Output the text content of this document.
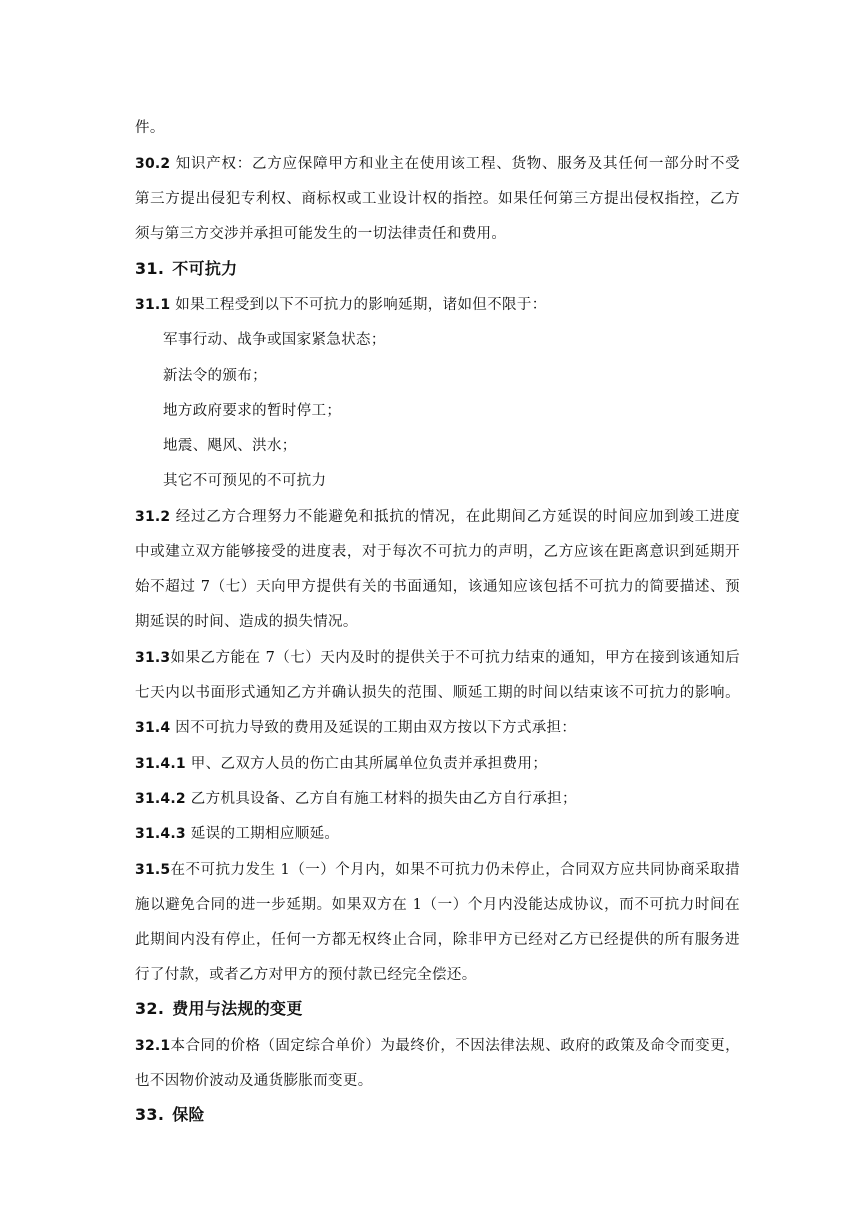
件。
30.2 知识产权：乙方应保障甲方和业主在使用该工程、货物、服务及其任何一部分时不受
第三方提出侵犯专利权、商标权或工业设计权的指控。如果任何第三方提出侵权指控，乙方
须与第三方交涉并承担可能发生的一切法律责任和费用。
31. 不可抗力
31.1 如果工程受到以下不可抗力的影响延期，诸如但不限于：
军事行动、战争或国家紧急状态；
新法令的颁布；
地方政府要求的暂时停工；
地震、飓风、洪水；
其它不可预见的不可抗力
31.2 经过乙方合理努力不能避免和抵抗的情况，在此期间乙方延误的时间应加到竣工进度
中或建立双方能够接受的进度表，对于每次不可抗力的声明，乙方应该在距离意识到延期开
始不超过 7（七）天向甲方提供有关的书面通知，该通知应该包括不可抗力的简要描述、预
期延误的时间、造成的损失情况。
31.3如果乙方能在 7（七）天内及时的提供关于不可抗力结束的通知，甲方在接到该通知后
七天内以书面形式通知乙方并确认损失的范围、顺延工期的时间以结束该不可抗力的影响。
31.4 因不可抗力导致的费用及延误的工期由双方按以下方式承担：
31.4.1 甲、乙双方人员的伤亡由其所属单位负责并承担费用；
31.4.2 乙方机具设备、乙方自有施工材料的损失由乙方自行承担；
31.4.3 延误的工期相应顺延。
31.5在不可抗力发生 1（一）个月内，如果不可抗力仍未停止，合同双方应共同协商采取措
施以避免合同的进一步延期。如果双方在 1（一）个月内没能达成协议，而不可抗力时间在
此期间内没有停止，任何一方都无权终止合同，除非甲方已经对乙方已经提供的所有服务进
行了付款，或者乙方对甲方的预付款已经完全偿还。
32. 费用与法规的变更
32.1本合同的价格（固定综合单价）为最终价，不因法律法规、政府的政策及命令而变更，
也不因物价波动及通货膨胀而变更。
33. 保险
